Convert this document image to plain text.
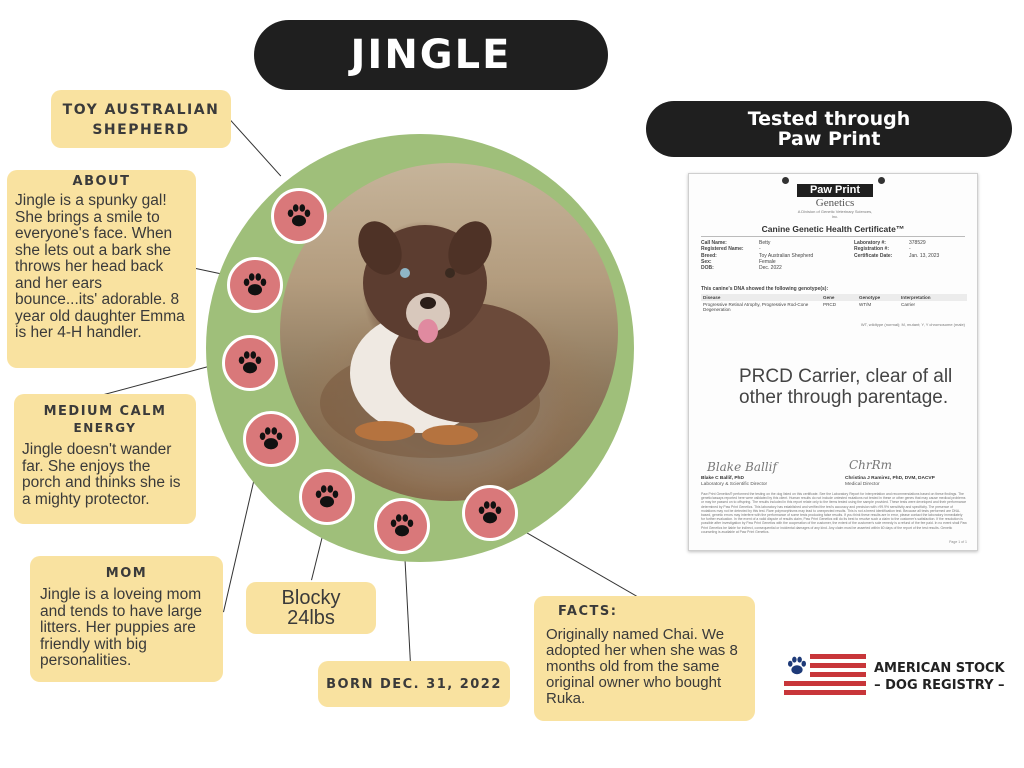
JINGLE
TOY AUSTRALIAN
SHEPHERD
ABOUT
Jingle is a spunky gal! She brings a smile to everyone's face. When she lets out a bark she throws her head back and her ears bounce...its' adorable. 8 year old daughter Emma is her 4-H handler.
MEDIUM CALM
ENERGY
Jingle doesn't wander far. She enjoys the porch and thinks she is a mighty protector.
MOM
Jingle is a loveing mom and tends to have large litters. Her puppies are friendly with big personalities.
Blocky
24lbs
BORN DEC. 31, 2022
FACTS:
Originally named Chai. We adopted her when she was 8 months old from the same original owner who bought Ruka.
Tested through
Paw Print
Paw Print
Genetics
A Division of Genetic Veterinary Sciences, Inc.
Canine Genetic Health Certificate™
Call Name:	Betty	Laboratory #:	378529
Registered Name:	-	Registration #:	-
Breed:	Toy Australian Shepherd	Certificate Date:	Jan. 13, 2023
Sex:	Female
DOB:	Dec. 2022
This canine's DNA showed the following genotype(s):
Disease	Gene	Genotype	Interpretation
Progressive Retinal Atrophy, Progressive Rod-Cone Degeneration
PRCD	WT/M	Carrier
WT, wildtype (normal); M, mutant; Y, Y chromosome (male)
PRCD Carrier, clear of all other through parentage.
Blake Ballif	ChrRm
Blake C Ballif, PhD
Laboratory & Scientific Director
Christina J Ramirez, PhD, DVM, DACVP
Medical Director
Paw Print Genetics® performed the testing on the dog listed on this certificate. See the Laboratory Report for interpretation and recommendations based on these findings. The genetic/assays reported here were validated by this client. Human results do not include untested mutations not tested in these or other genes that may cause medical problems or may be passed on to offspring. The results included in this report relate only to the items tested using the sample provided. These tests were developed and their performance determined by Paw Print Genetics. This laboratory has established and verified the test's accuracy and precision with >99.9% sensitivity and specificity. The presence of mutations may not be detected by this test. Rare polymorphisms may lead to unexpected results. This is not a breed identification test. Because all tests performed are DNA-based, genetic errors may interfere with the performance of some tests producing false results. If you think these results are in error, please contact the laboratory immediately for further evaluation. In the event of a valid dispute of results claim, Paw Print Genetics will do its best to resolve such a claim to the customer's satisfaction. If the resolution is possible after investigation by Paw Print Genetics with the cooperation of the customer, the extent of the customer's sole remedy is a refund of the fee paid. In no event shall Paw Print Genetics be liable for indirect, consequential or incidental damages of any kind. Any claim must be asserted within 60 days of the report of the test results. Genetic counseling is available at Paw Print Genetics.
Page 1 of 1
AMERICAN STOCK
– DOG REGISTRY –
